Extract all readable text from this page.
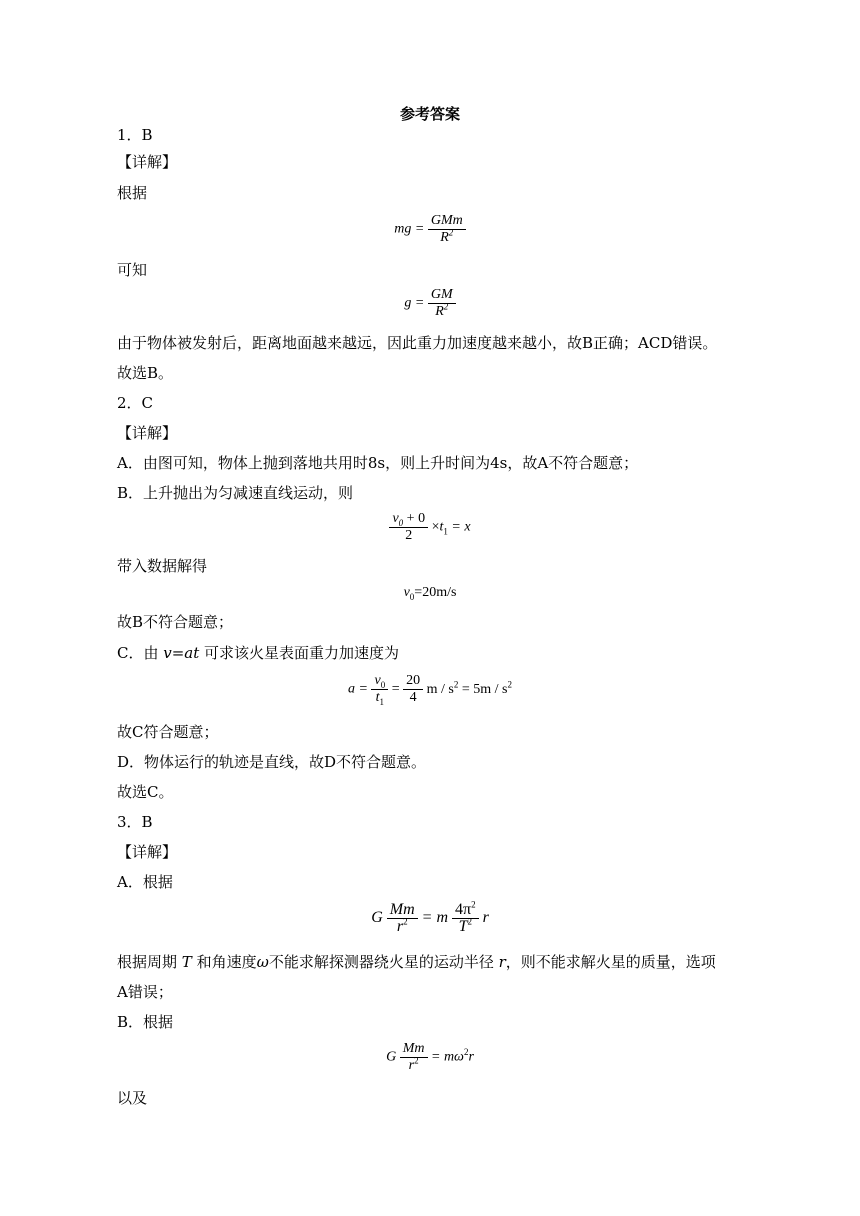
参考答案
1．B
【详解】
根据
mg = $\frac{\text{GMm}}{R^2}$
可知
$g = \frac{GM}{R^2}$
由于物体被发射后，距离地面越来越远，因此重力加速度越来越小，故B正确；ACD错误。
故选B。
2．C
【详解】
A．由图可知，物体上抛到落地共用时8s，则上升时间为4s，故A不符合题意；
B．上升抛出为匀减速直线运动，则
$\frac{v_0 + 0}{2} \times t_1 = x$
带入数据解得
$v_0=20m/s$
故B不符合题意；
C．由 v=at 可求该火星表面重力加速度为
$a = \frac{v_0}{t_1} = \frac{20}{4}$ $m / s^2 = 5m / s^2$
故C符合题意；
D．物体运行的轨迹是直线，故D不符合题意。
故选C。
3．B
【详解】
A．根据
G $\frac{Mm}{r^2} = m \frac{4\pi^2}{T^2}$ r
根据周期 T 和角速度ω不能求解探测器绕火星的运动半径 r，则不能求解火星的质量，选项
A错误；
B．根据
G $\frac{Mm}{r^2} = m\omega^2r$
以及
